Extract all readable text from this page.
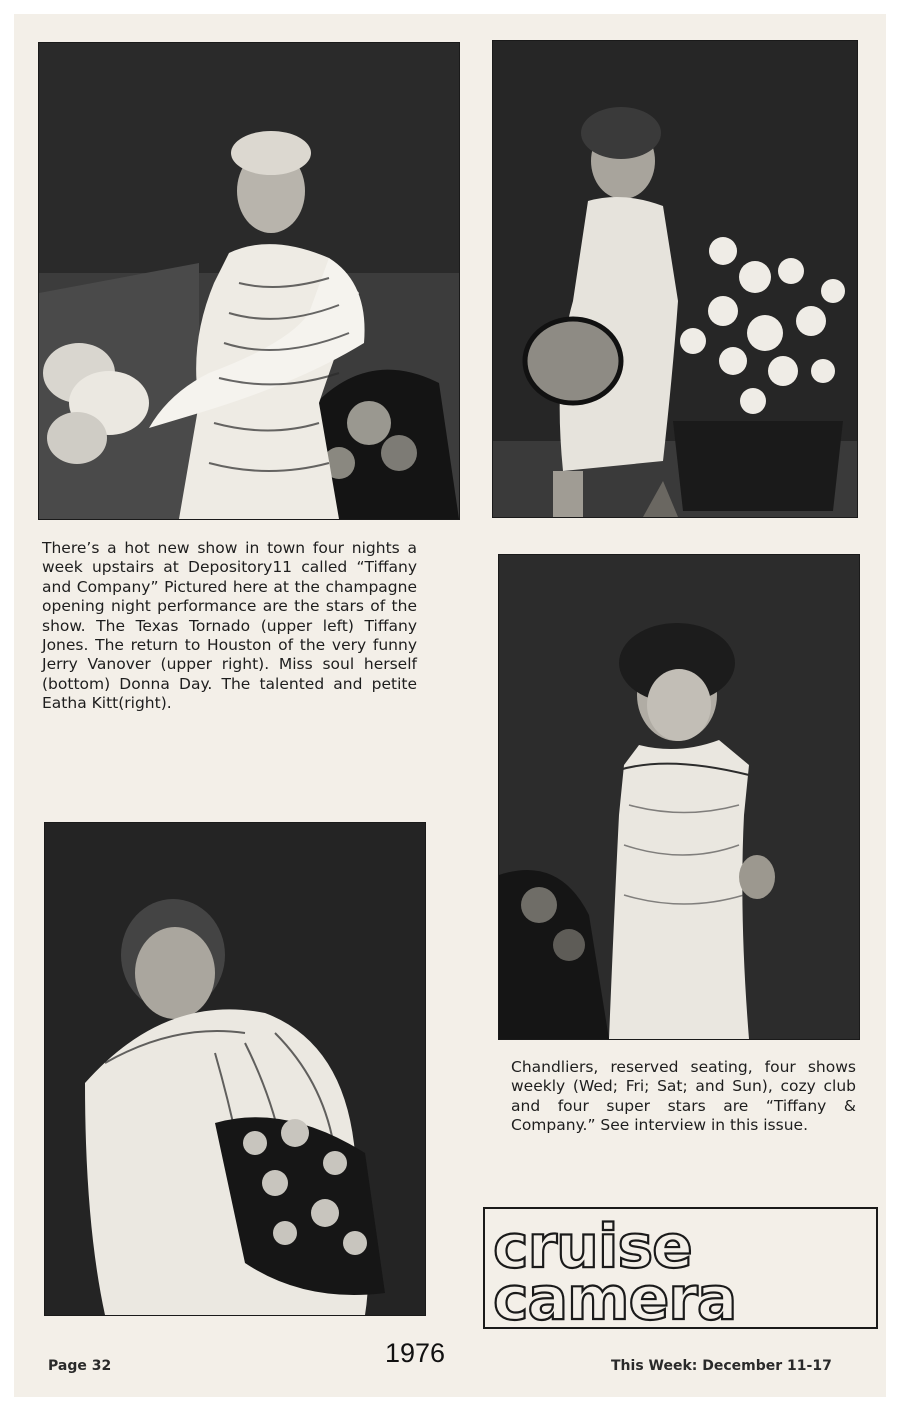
There’s a hot new show in town four nights a week upstairs at Depository11 called “Tiffany and Company” Pictured here at the champagne opening night performance are the stars of the show. The Texas Tornado (upper left) Tiffany Jones. The return to Houston of the very funny Jerry Vanover (upper right). Miss soul herself (bottom) Donna Day. The talented and petite Eatha Kitt(right).

Chandliers, reserved seating, four shows weekly (Wed; Fri; Sat; and Sun), cozy club and four super stars are “Tiffany & Company.” See interview in this issue.

cruise
camera
Page 32	1976	This Week: December 11-17
